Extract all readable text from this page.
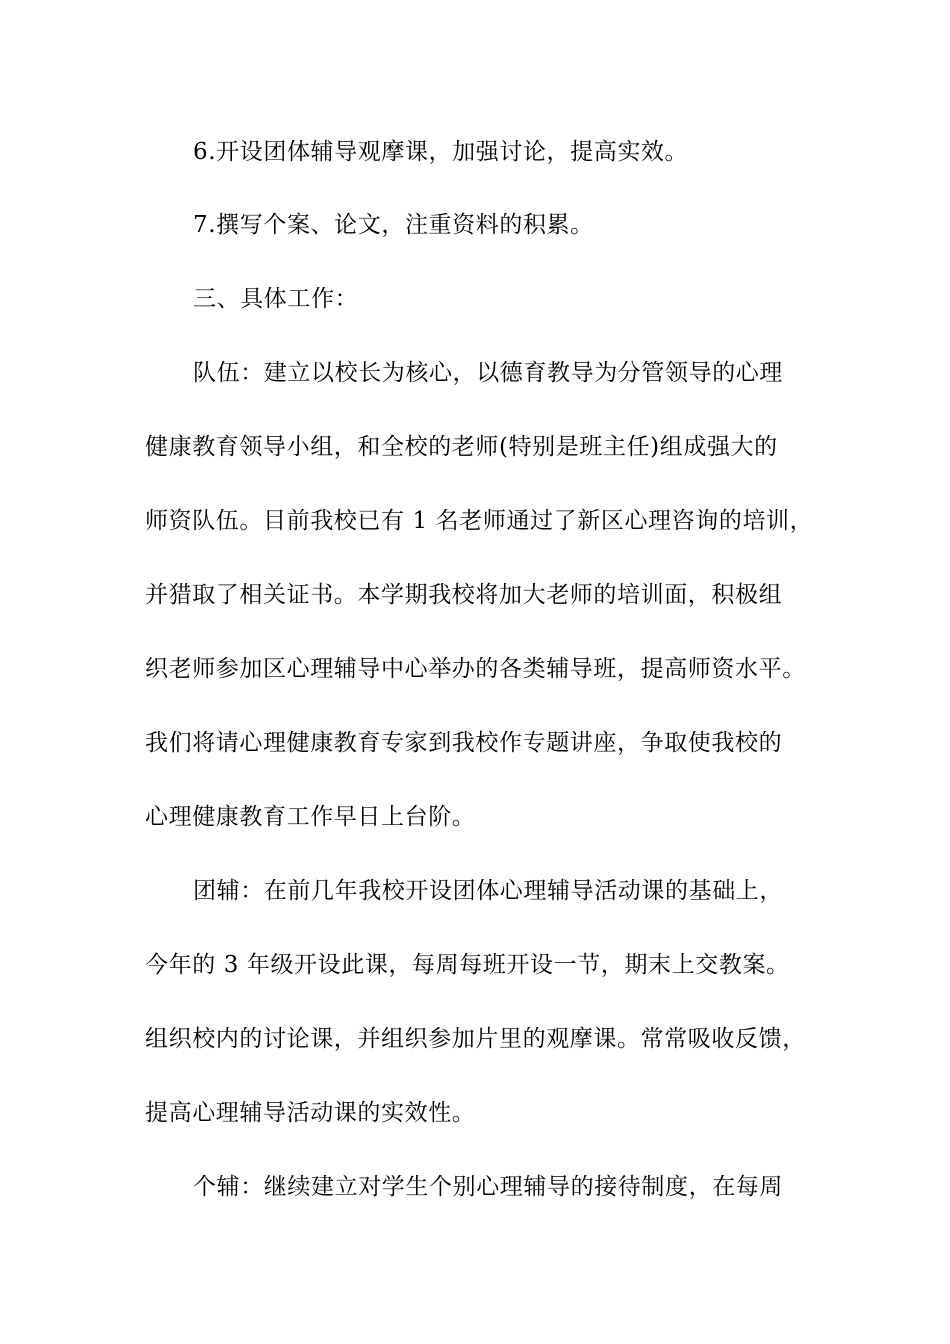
6.开设团体辅导观摩课，加强讨论，提高实效。
7.撰写个案、论文，注重资料的积累。
三、具体工作：
队伍：建立以校长为核心，以德育教导为分管领导的心理
健康教育领导小组，和全校的老师(特别是班主任)组成强大的
师资队伍。目前我校已有 1 名老师通过了新区心理咨询的培训，
并猎取了相关证书。本学期我校将加大老师的培训面，积极组
织老师参加区心理辅导中心举办的各类辅导班，提高师资水平。
我们将请心理健康教育专家到我校作专题讲座，争取使我校的
心理健康教育工作早日上台阶。
团辅：在前几年我校开设团体心理辅导活动课的基础上，
今年的 3 年级开设此课，每周每班开设一节，期末上交教案。
组织校内的讨论课，并组织参加片里的观摩课。常常吸收反馈，
提高心理辅导活动课的实效性。
个辅：继续建立对学生个别心理辅导的接待制度，在每周
